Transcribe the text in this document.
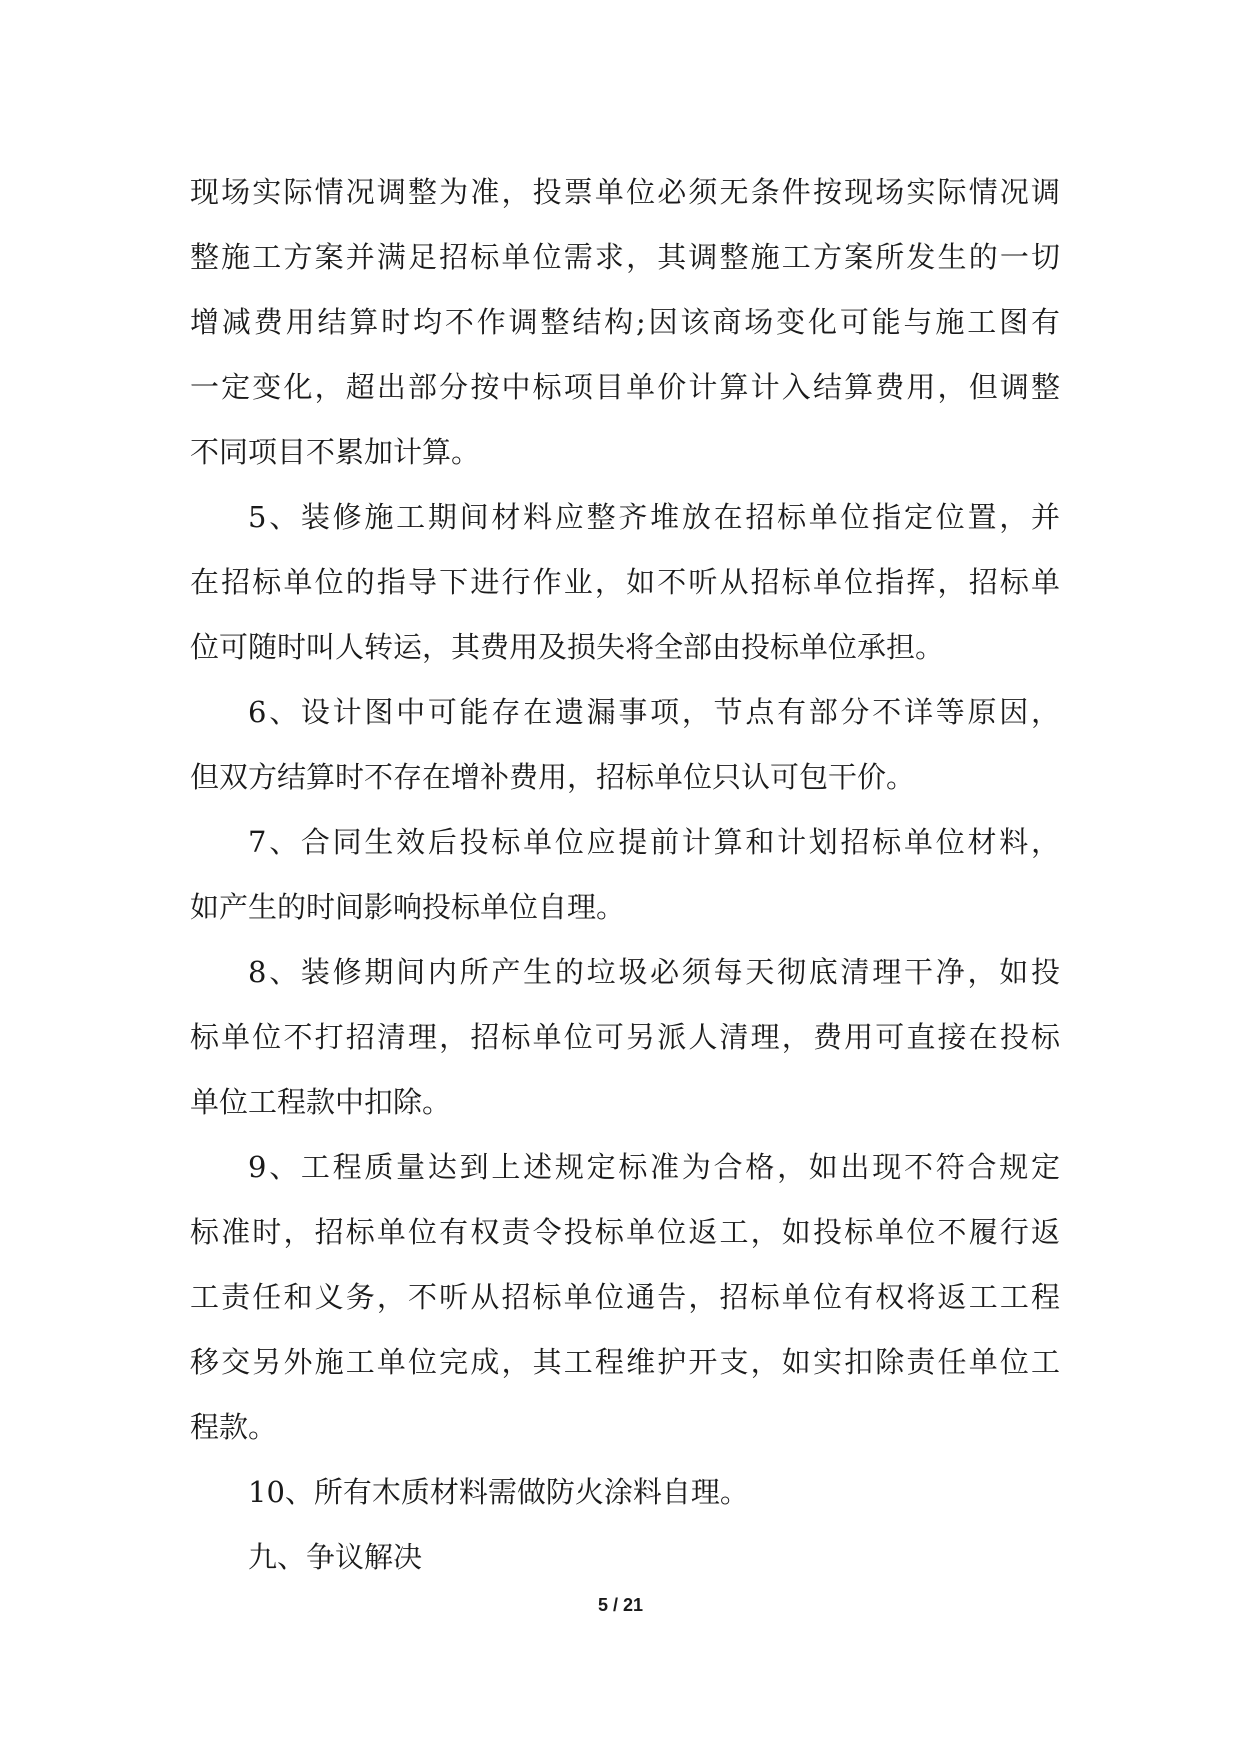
现场实际情况调整为准，投票单位必须无条件按现场实际情况调
整施工方案并满足招标单位需求，其调整施工方案所发生的一切
增减费用结算时均不作调整结构;因该商场变化可能与施工图有
一定变化，超出部分按中标项目单价计算计入结算费用，但调整
不同项目不累加计算。
5、装修施工期间材料应整齐堆放在招标单位指定位置，并
在招标单位的指导下进行作业，如不听从招标单位指挥，招标单
位可随时叫人转运，其费用及损失将全部由投标单位承担。
6、设计图中可能存在遗漏事项，节点有部分不详等原因，
但双方结算时不存在增补费用，招标单位只认可包干价。
7、合同生效后投标单位应提前计算和计划招标单位材料，
如产生的时间影响投标单位自理。
8、装修期间内所产生的垃圾必须每天彻底清理干净，如投
标单位不打招清理，招标单位可另派人清理，费用可直接在投标
单位工程款中扣除。
9、工程质量达到上述规定标准为合格，如出现不符合规定
标准时，招标单位有权责令投标单位返工，如投标单位不履行返
工责任和义务，不听从招标单位通告，招标单位有权将返工工程
移交另外施工单位完成，其工程维护开支，如实扣除责任单位工
程款。
10、所有木质材料需做防火涂料自理。
九、争议解决
5 / 21
